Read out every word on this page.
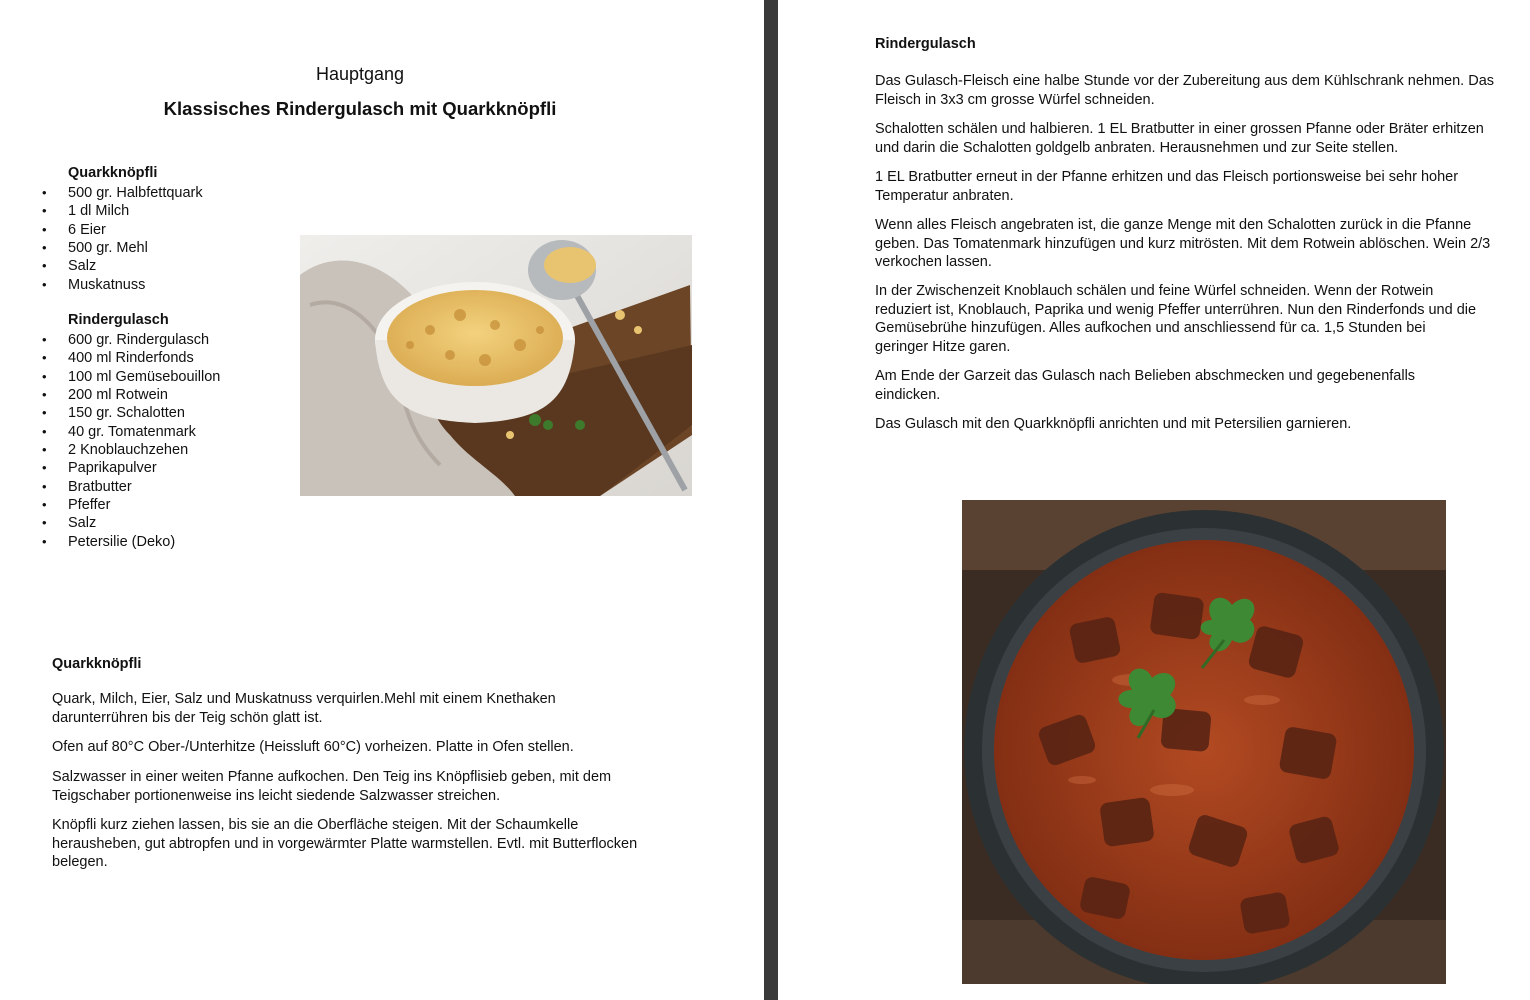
Hauptgang
Klassisches Rindergulasch mit Quarkknöpfli
Quarkknöpfli
• 500 gr. Halbfettquark
• 1 dl Milch
• 6 Eier
• 500 gr. Mehl
• Salz
• Muskatnuss
Rindergulasch
• 600 gr. Rindergulasch
• 400 ml Rinderfonds
• 100 ml Gemüsebouillon
• 200 ml Rotwein
• 150 gr. Schalotten
• 40 gr. Tomatenmark
• 2 Knoblauchzehen
• Paprikapulver
• Bratbutter
• Pfeffer
• Salz
• Petersilie (Deko)
Quarkknöpfli

Quark, Milch, Eier, Salz und Muskatnuss verquirlen.Mehl mit einem Knethaken darunterrühren bis der Teig schön glatt ist.

Ofen auf 80°C Ober-/Unterhitze (Heissluft 60°C) vorheizen. Platte in Ofen stellen.

Salzwasser in einer weiten Pfanne aufkochen. Den Teig ins Knöpflisieb geben, mit dem Teigschaber portionenweise ins leicht siedende Salzwasser streichen.

Knöpfli kurz ziehen lassen, bis sie an die Oberfläche steigen. Mit der Schaumkelle herausheben, gut abtropfen und in vorgewärmter Platte warmstellen. Evtl. mit Butterflocken belegen.

Rindergulasch

Das Gulasch-Fleisch eine halbe Stunde vor der Zubereitung aus dem Kühlschrank nehmen. Das Fleisch in 3x3 cm grosse Würfel schneiden.

Schalotten schälen und halbieren. 1 EL Bratbutter in einer grossen Pfanne oder Bräter erhitzen und darin die Schalotten goldgelb anbraten. Herausnehmen und zur Seite stellen.

1 EL Bratbutter erneut in der Pfanne erhitzen und das Fleisch portionsweise bei sehr hoher Temperatur anbraten.

Wenn alles Fleisch angebraten ist, die ganze Menge mit den Schalotten zurück in die Pfanne geben. Das Tomatenmark hinzufügen und kurz mitrösten. Mit dem Rotwein ablöschen. Wein 2/3 verkochen lassen.

In der Zwischenzeit Knoblauch schälen und feine Würfel schneiden. Wenn der Rotwein reduziert ist, Knoblauch, Paprika und wenig Pfeffer unterrühren. Nun den Rinderfonds und die Gemüsebrühe hinzufügen. Alles aufkochen und anschliessend für ca. 1,5 Stunden bei geringer Hitze garen.

Am Ende der Garzeit das Gulasch nach Belieben abschmecken und gegebenenfalls eindicken.

Das Gulasch mit den Quarkknöpfli anrichten und mit Petersilien garnieren.
